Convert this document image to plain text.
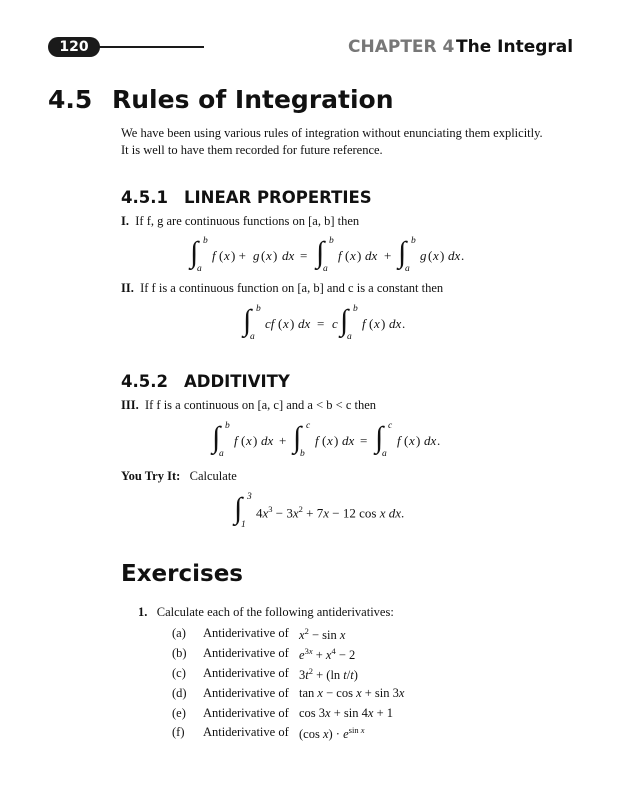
120	CHAPTER 4 The Integral
4.5 Rules of Integration
We have been using various rules of integration without enunciating them explicitly.
It is well to have them recorded for future reference.
4.5.1 LINEAR PROPERTIES
I. If f, g are continuous functions on [a, b] then
∫ b
a
f ( x ) + g ( x ) dx = ∫ b
a
f ( x ) dx + ∫ b
a
g ( x ) dx .
II. If f is a continuous function on [a, b] and c is a constant then
∫ b
a
cf ( x ) dx = c ∫ b
a
f ( x ) dx .
4.5.2 ADDITIVITY
III. If f is a continuous on [a, c] and a < b < c then
∫ b
a
f ( x ) dx + ∫ c
b
f ( x ) dx = ∫ c
a
f ( x ) dx .
You Try It: Calculate
∫ 3
1
$4x^3 - 3x^2 + 7x - 12$ cos x dx.
Exercises
1. Calculate each of the following antiderivatives:
(a) Antiderivative of $x^2 - \sin x$
(b) Antiderivative of $e^{3x} + x^4 - 2$
(c) Antiderivative of $3t^2 + (\ln$ t/t)
(d) Antiderivative of tan x − cos x + sin 3x
(e) Antiderivative of cos 3x + sin 4x + 1
(f) Antiderivative of (cos $x) \cdot e^{sin x}$
